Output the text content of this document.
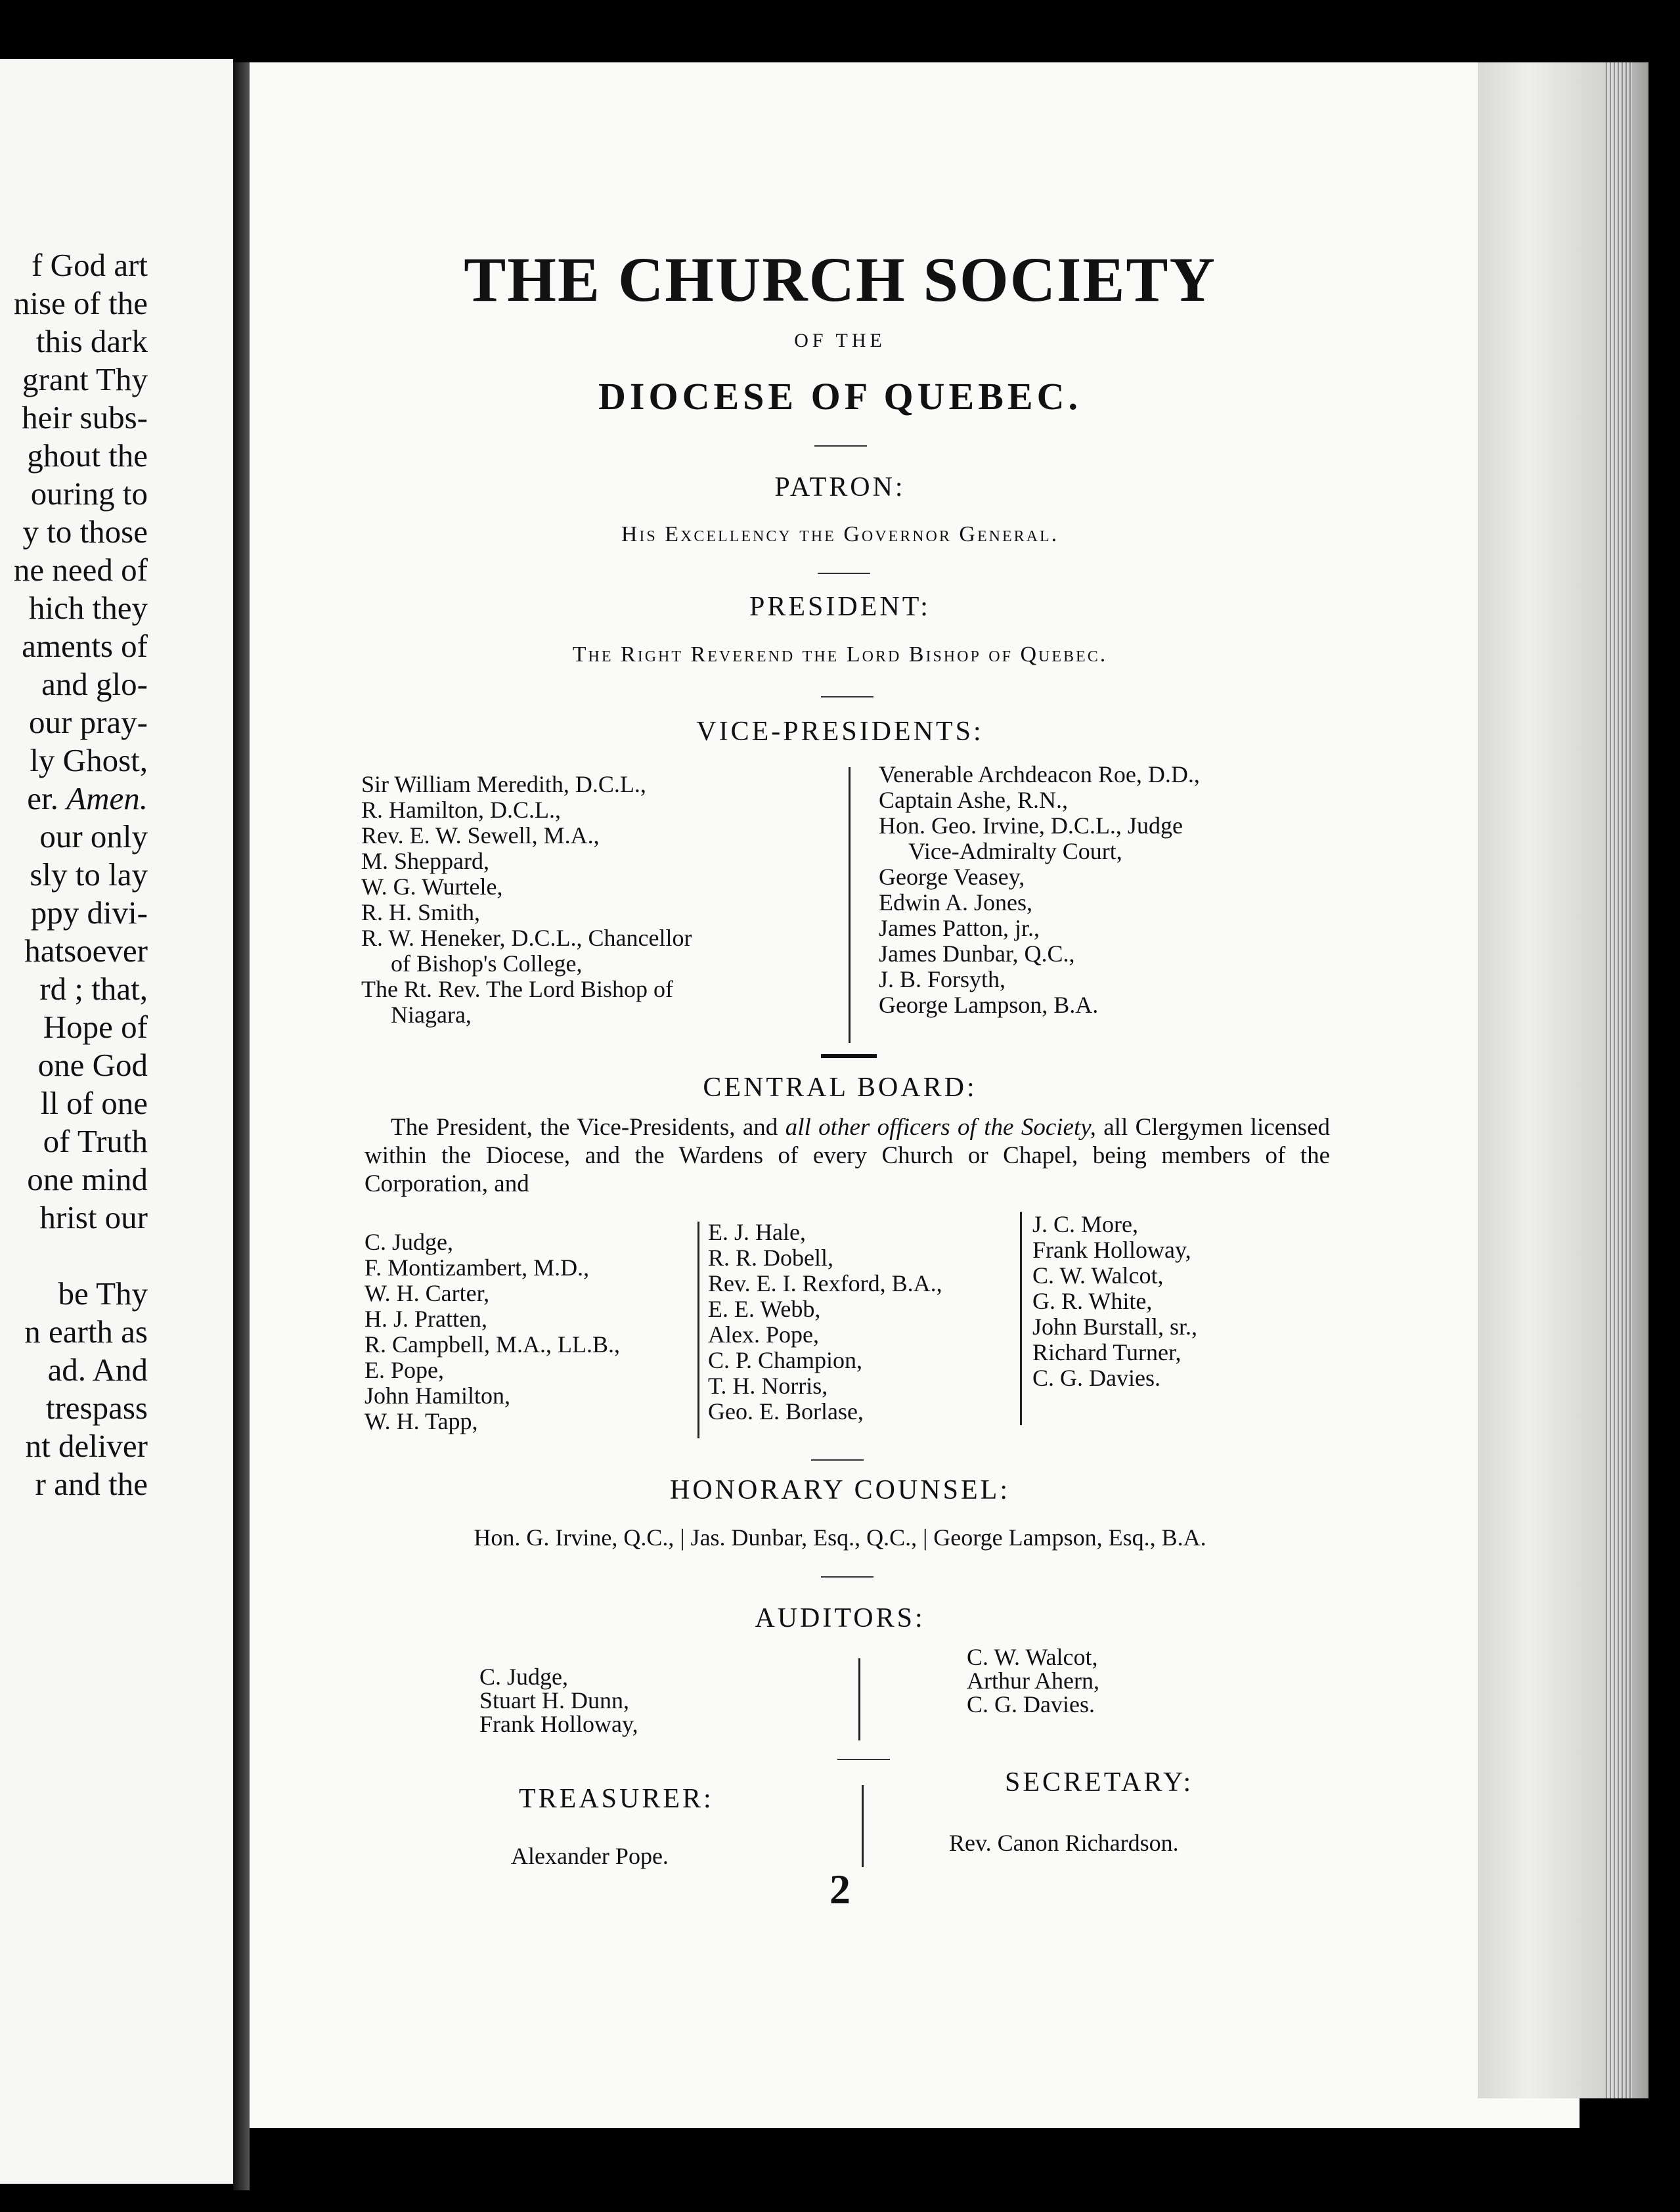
f God art
nise of the
this dark
grant Thy
heir subs-
ghout the
ouring to
y to those
ne need of
hich they
aments of
and glo-
our pray-
ly Ghost,
er. Amen.
our only
sly to lay
ppy divi-
hatsoever
rd ; that,
Hope of
one God
ll of one
of Truth
one mind
hrist our
be Thy
n earth as
ad. And
trespass
nt deliver
r and the
THE CHURCH SOCIETY
OF THE
DIOCESE OF QUEBEC.
PATRON:
His Excellency the Governor General.
PRESIDENT:
The Right Reverend the Lord Bishop of Quebec.
VICE-PRESIDENTS:
Sir William Meredith, D.C.L.,
R. Hamilton, D.C.L.,
Rev. E. W. Sewell, M.A.,
M. Sheppard,
W. G. Wurtele,
R. H. Smith,
R. W. Heneker, D.C.L., Chancellor
of Bishop's College,
The Rt. Rev. The Lord Bishop of
Niagara,
Venerable Archdeacon Roe, D.D.,
Captain Ashe, R.N.,
Hon. Geo. Irvine, D.C.L., Judge
Vice-Admiralty Court,
George Veasey,
Edwin A. Jones,
James Patton, jr.,
James Dunbar, Q.C.,
J. B. Forsyth,
George Lampson, B.A.
CENTRAL BOARD:
The President, the Vice-Presidents, and all other officers of the Society, all Clergymen licensed within the Diocese, and the Wardens of every Church or Chapel, being members of the Corporation, and
C. Judge,
F. Montizambert, M.D.,
W. H. Carter,
H. J. Pratten,
R. Campbell, M.A., LL.B.,
E. Pope,
John Hamilton,
W. H. Tapp,
E. J. Hale,
R. R. Dobell,
Rev. E. I. Rexford, B.A.,
E. E. Webb,
Alex. Pope,
C. P. Champion,
T. H. Norris,
Geo. E. Borlase,
J. C. More,
Frank Holloway,
C. W. Walcot,
G. R. White,
John Burstall, sr.,
Richard Turner,
C. G. Davies.
HONORARY COUNSEL:
Hon. G. Irvine, Q.C., | Jas. Dunbar, Esq., Q.C., | George Lampson, Esq., B.A.
AUDITORS:
C. Judge,
Stuart H. Dunn,
Frank Holloway,
C. W. Walcot,
Arthur Ahern,
C. G. Davies.
TREASURER:
Alexander Pope.
SECRETARY:
Rev. Canon Richardson.
2
